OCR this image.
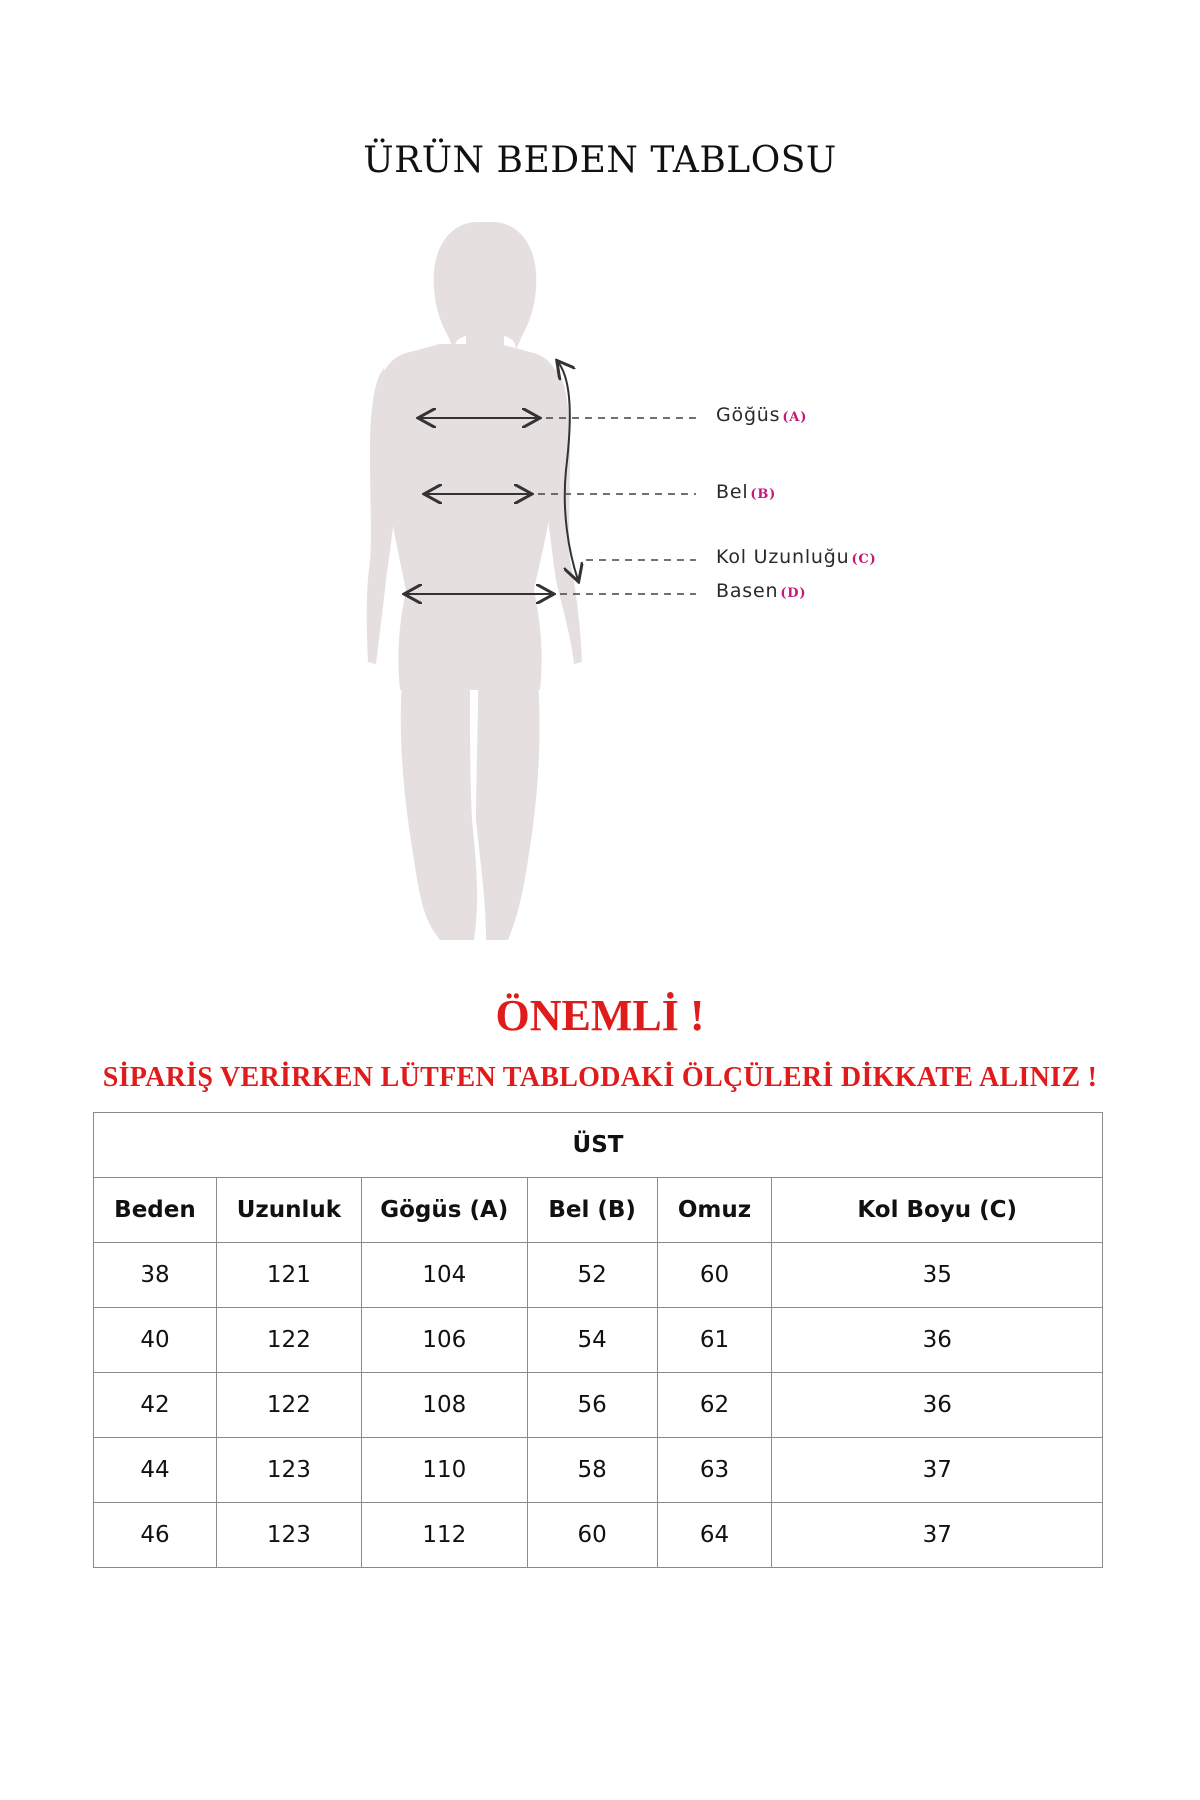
ÜRÜN BEDEN TABLOSU
Göğüs (A)
Bel (B)
Kol Uzunluğu (C)
Basen (D)
ÖNEMLİ !
SİPARİŞ VERİRKEN LÜTFEN TABLODAKİ ÖLÇÜLERİ DİKKATE ALINIZ !
ÜST					
Beden	Uzunluk	Gögüs (A)	Bel (B)	Omuz	Kol Boyu (C)
38	121	104	52	60	35
40	122	106	54	61	36
42	122	108	56	62	36
44	123	110	58	63	37
46	123	112	60	64	37
